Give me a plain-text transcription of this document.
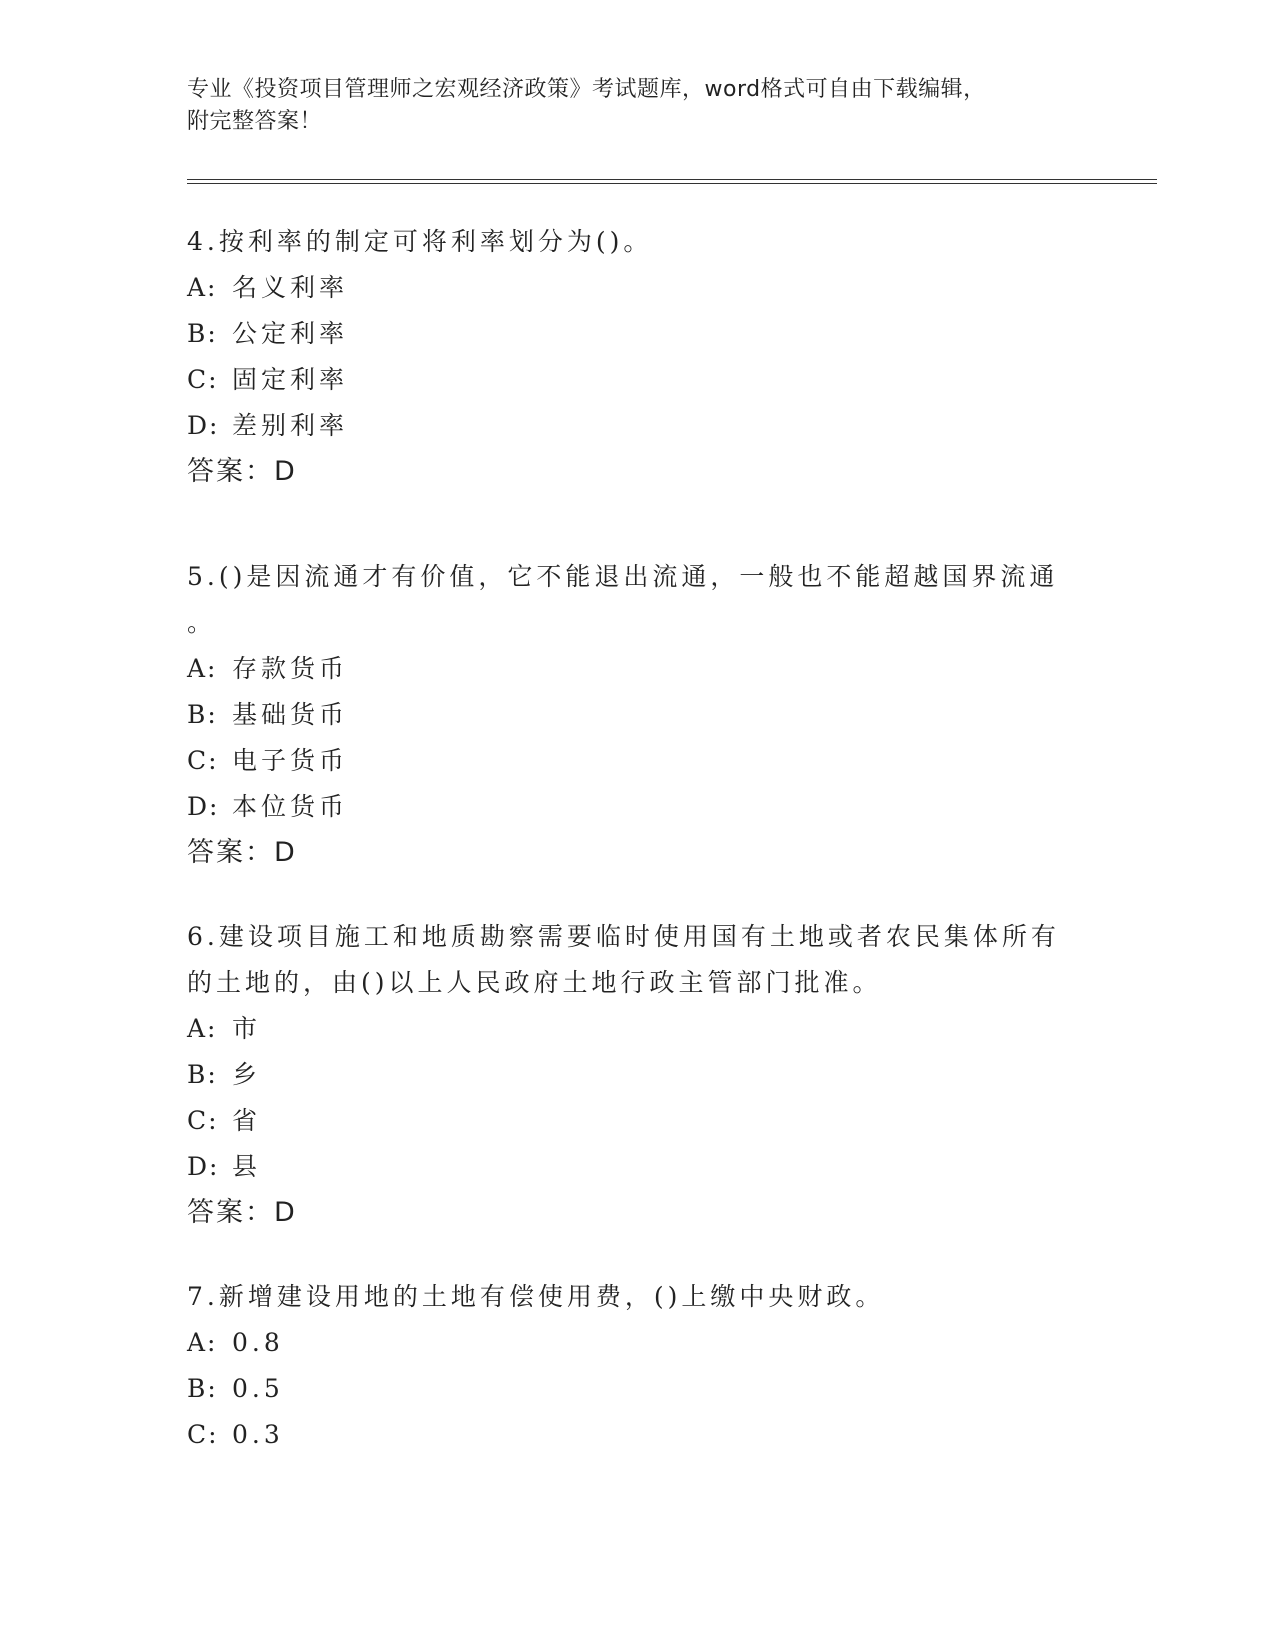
专业《投资项目管理师之宏观经济政策》考试题库，word格式可自由下载编辑，
附完整答案！

4.按利率的制定可将利率划分为()。

A: 名义利率

B: 公定利率

C: 固定利率

D: 差别利率

答案：D

5.()是因流通才有价值，它不能退出流通，一般也不能超越国界流通

。

A: 存款货币

B: 基础货币

C: 电子货币

D: 本位货币

答案：D

6.建设项目施工和地质勘察需要临时使用国有土地或者农民集体所有

的土地的，由()以上人民政府土地行政主管部门批准。

A: 市

B: 乡

C: 省

D: 县

答案：D

7.新增建设用地的土地有偿使用费，()上缴中央财政。

A: 0.8

B: 0.5

C: 0.3
